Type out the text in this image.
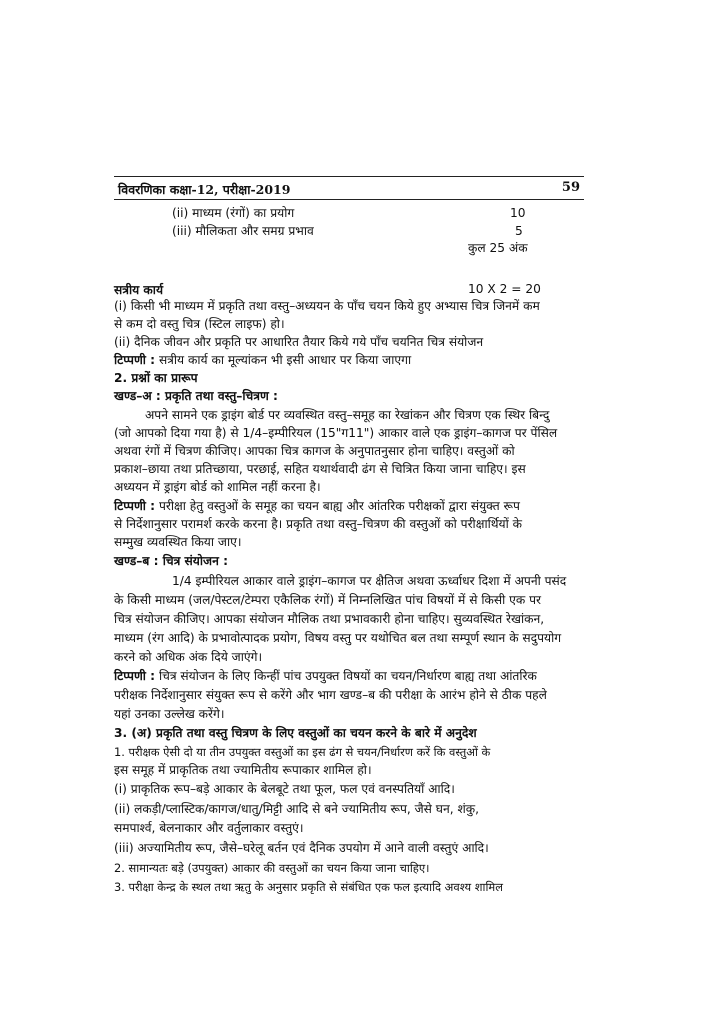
विवरणिका कक्षा-12, परीक्षा-2019	59
(ii) माध्यम (रंगों) का प्रयोग	10
(iii) मौलिकता और समग्र प्रभाव	5
कुल 25 अंक
सत्रीय कार्य	10 X 2 = 20
(i) किसी भी माध्यम में प्रकृति तथा वस्तु–अध्ययन के पाँच चयन किये हुए अभ्यास चित्र जिनमें कम
से कम दो वस्तु चित्र (स्टिल लाइफ) हो।
(ii) दैनिक जीवन और प्रकृति पर आधारित तैयार किये गये पाँच चयनित चित्र संयोजन
टिप्पणी : सत्रीय कार्य का मूल्यांकन भी इसी आधार पर किया जाएगा
2. प्रश्नों का प्रारूप
खण्ड–अ : प्रकृति तथा वस्तु–चित्रण :
अपने सामने एक ड्राइंग बोर्ड पर व्यवस्थित वस्तु–समूह का रेखांकन और चित्रण एक स्थिर बिन्दु
(जो आपको दिया गया है) से 1/4–इम्पीरियल (15"ग11") आकार वाले एक ड्राइंग–कागज पर पेंसिल
अथवा रंगों में चित्रण कीजिए। आपका चित्र कागज के अनुपातनुसार होना चाहिए। वस्तुओं को
प्रकाश–छाया तथा प्रतिच्छाया, परछाई, सहित यथार्थवादी ढंग से चित्रित किया जाना चाहिए। इस
अध्ययन में ड्राइंग बोर्ड को शामिल नहीं करना है।
टिप्पणी : परीक्षा हेतु वस्तुओं के समूह का चयन बाह्य और आंतरिक परीक्षकों द्वारा संयुक्त रूप
से निर्देशानुसार परामर्श करके करना है। प्रकृति तथा वस्तु–चित्रण की वस्तुओं को परीक्षार्थियों के
सम्मुख व्यवस्थित किया जाए।
खण्ड–ब : चित्र संयोजन :
1/4 इम्पीरियल आकार वाले ड्राइंग–कागज पर क्षैतिज अथवा ऊर्ध्वाधर दिशा में अपनी पसंद
के किसी माध्यम (जल/पेस्टल/टेम्परा एकैलिक रंगों) में निम्नलिखित पांच विषयों में से किसी एक पर
चित्र संयोजन कीजिए। आपका संयोजन मौलिक तथा प्रभावकारी होना चाहिए। सुव्यवस्थित रेखांकन,
माध्यम (रंग आदि) के प्रभावोत्पादक प्रयोग, विषय वस्तु पर यथोचित बल तथा सम्पूर्ण स्थान के सदुपयोग
करने को अधिक अंक दिये जाएंगे।
टिप्पणी : चित्र संयोजन के लिए किन्हीं पांच उपयुक्त विषयों का चयन/निर्धारण बाह्य तथा आंतरिक
परीक्षक निर्देशानुसार संयुक्त रूप से करेंगे और भाग खण्ड–ब की परीक्षा के आरंभ होने से ठीक पहले
यहां उनका उल्लेख करेंगे।
3. (अ) प्रकृति तथा वस्तु चित्रण के लिए वस्तुओं का चयन करने के बारे में अनुदेश
1. परीक्षक ऐसी दो या तीन उपयुक्त वस्तुओं का इस ढंग से चयन/निर्धारण करें कि वस्तुओं के
इस समूह में प्राकृतिक तथा ज्यामितीय रूपाकार शामिल हो।
(i) प्राकृतिक रूप–बड़े आकार के बेलबूटे तथा फूल, फल एवं वनस्पतियाँ आदि।
(ii) लकड़ी/प्लास्टिक/कागज/धातु/मिट्टी आदि से बने ज्यामितीय रूप, जैसे घन, शंकु,
समपार्श्व, बेलनाकार और वर्तुलाकार वस्तुएं।
(iii) अज्यामितीय रूप, जैसे–घरेलू बर्तन एवं दैनिक उपयोग में आने वाली वस्तुएं आदि।
2. सामान्यतः बड़े (उपयुक्त) आकार की वस्तुओं का चयन किया जाना चाहिए।
3. परीक्षा केन्द्र के स्थल तथा ऋतु के अनुसार प्रकृति से संबंधित एक फल इत्यादि अवश्य शामिल
